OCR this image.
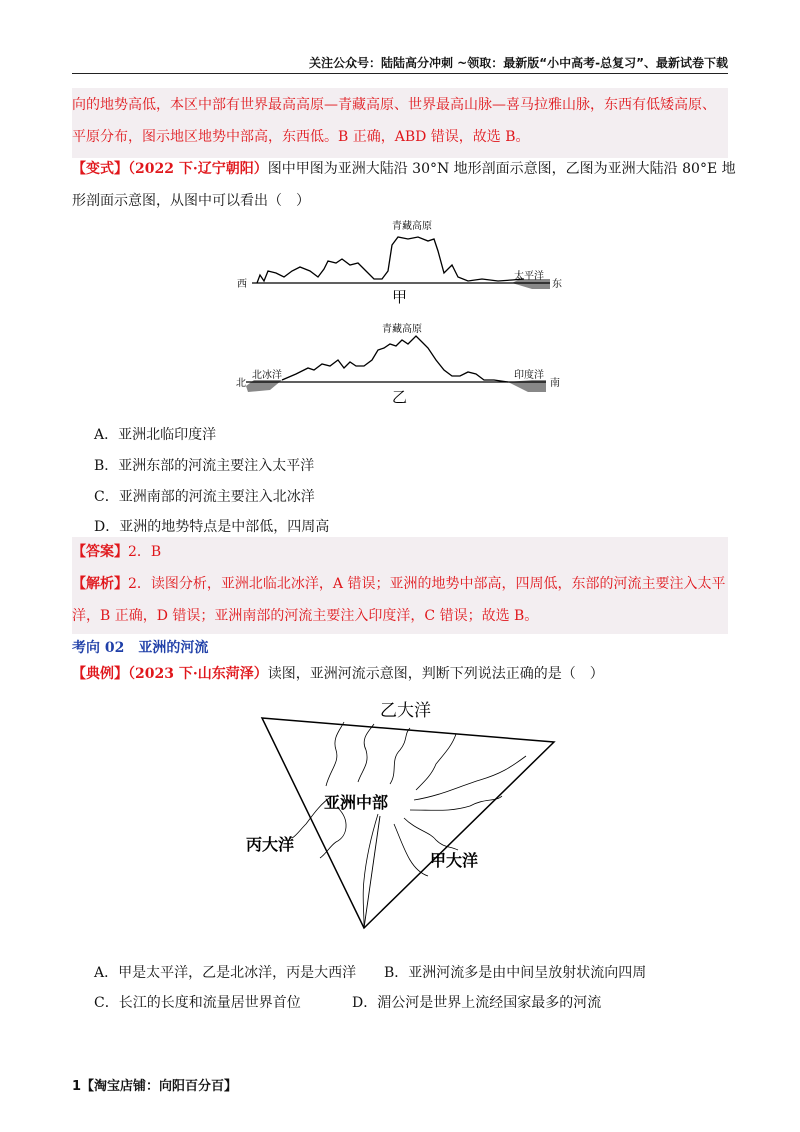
关注公众号：陆陆高分冲刺 ~领取：最新版“小中高考-总复习”、最新试卷下载
向的地势高低，本区中部有世界最高高原—青藏高原、世界最高山脉—喜马拉雅山脉，东西有低矮高原、
平原分布，图示地区地势中部高，东西低。B 正确，ABD 错误，故选 B。
【变式】（2022 下·辽宁朝阳）图中甲图为亚洲大陆沿 30°N 地形剖面示意图，乙图为亚洲大陆沿 80°E 地
形剖面示意图，从图中可以看出（　）
青藏高原
西	东
太平洋
甲
青藏高原
北	南
北冰洋	印度洋
乙
A．亚洲北临印度洋
B．亚洲东部的河流主要注入太平洋
C．亚洲南部的河流主要注入北冰洋
D．亚洲的地势特点是中部低，四周高
【答案】2．B
【解析】2．读图分析，亚洲北临北冰洋，A 错误；亚洲的地势中部高，四周低，东部的河流主要注入太平
洋，B 正确，D 错误；亚洲南部的河流主要注入印度洋，C 错误；故选 B。
考向 02　亚洲的河流
【典例】（2023 下·山东菏泽）读图，亚洲河流示意图，判断下列说法正确的是（　）
乙大洋
亚洲中部
丙大洋
甲大洋
A．甲是太平洋，乙是北冰洋，丙是大西洋 B．亚洲河流多是由中间呈放射状流向四周
C．长江的长度和流量居世界首位	D．湄公河是世界上流经国家最多的河流
1【淘宝店铺：向阳百分百】
